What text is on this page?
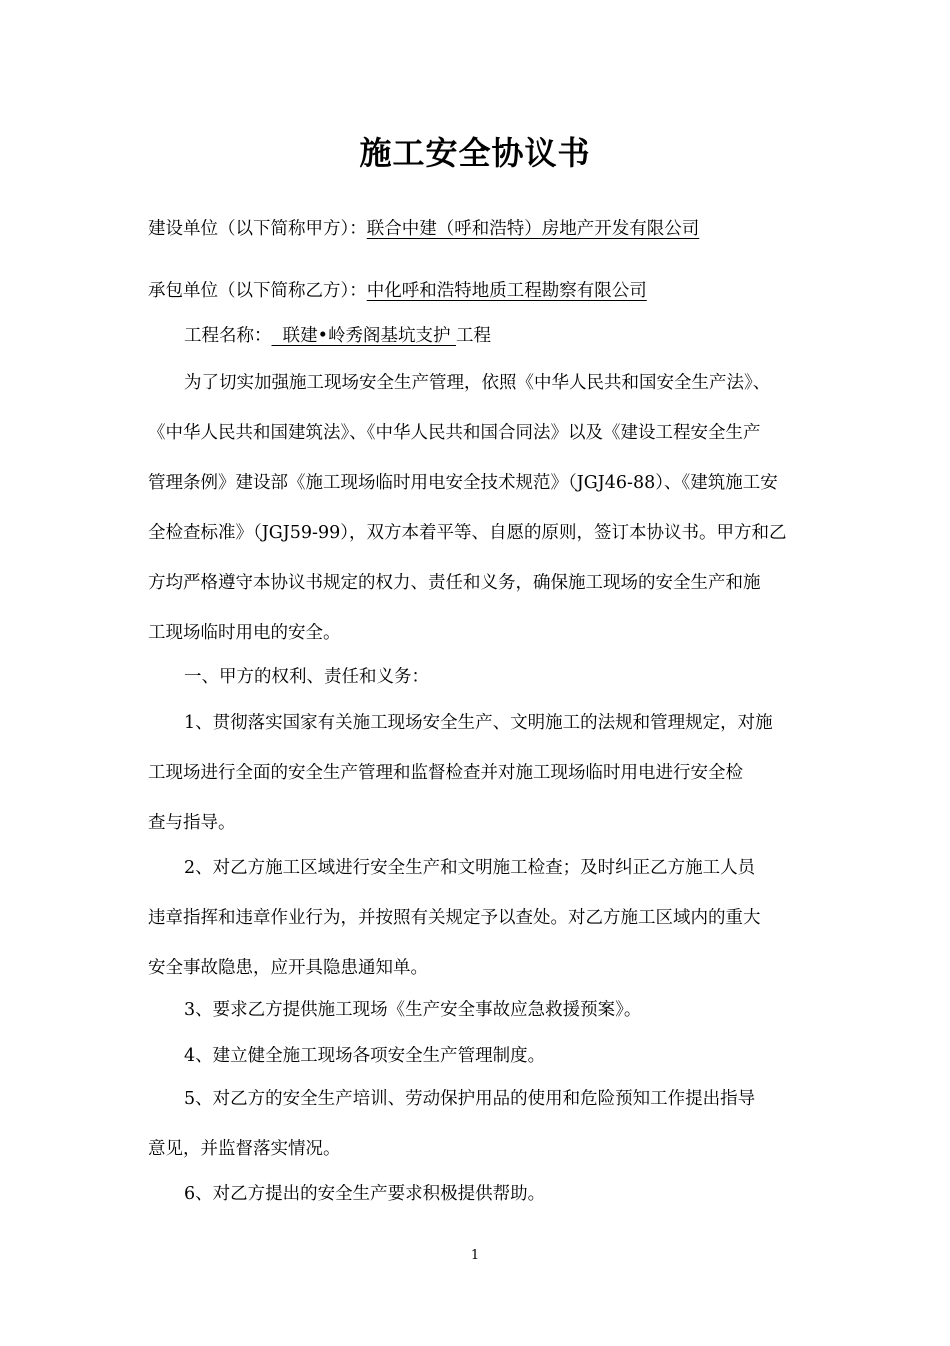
施工安全协议书
建设单位（以下简称甲方）：联合中建（呼和浩特）房地产开发有限公司
承包单位（以下简称乙方）：中化呼和浩特地质工程勘察有限公司
工程名称：  联建•岭秀阁基坑支护 工程
为了切实加强施工现场安全生产管理，依照《中华人民共和国安全生产法》、
《中华人民共和国建筑法》、《中华人民共和国合同法》以及《建设工程安全生产
管理条例》建设部《施工现场临时用电安全技术规范》（JGJ46-88）、《建筑施工安
全检查标准》（JGJ59-99），双方本着平等、自愿的原则，签订本协议书。甲方和乙
方均严格遵守本协议书规定的权力、责任和义务，确保施工现场的安全生产和施
工现场临时用电的安全。
一、甲方的权利、责任和义务：
1、贯彻落实国家有关施工现场安全生产、文明施工的法规和管理规定，对施
工现场进行全面的安全生产管理和监督检查并对施工现场临时用电进行安全检
查与指导。
2、对乙方施工区域进行安全生产和文明施工检查；及时纠正乙方施工人员
违章指挥和违章作业行为，并按照有关规定予以查处。对乙方施工区域内的重大
安全事故隐患，应开具隐患通知单。
3、要求乙方提供施工现场《生产安全事故应急救援预案》。
4、建立健全施工现场各项安全生产管理制度。
5、对乙方的安全生产培训、劳动保护用品的使用和危险预知工作提出指导
意见，并监督落实情况。
6、对乙方提出的安全生产要求积极提供帮助。
1
